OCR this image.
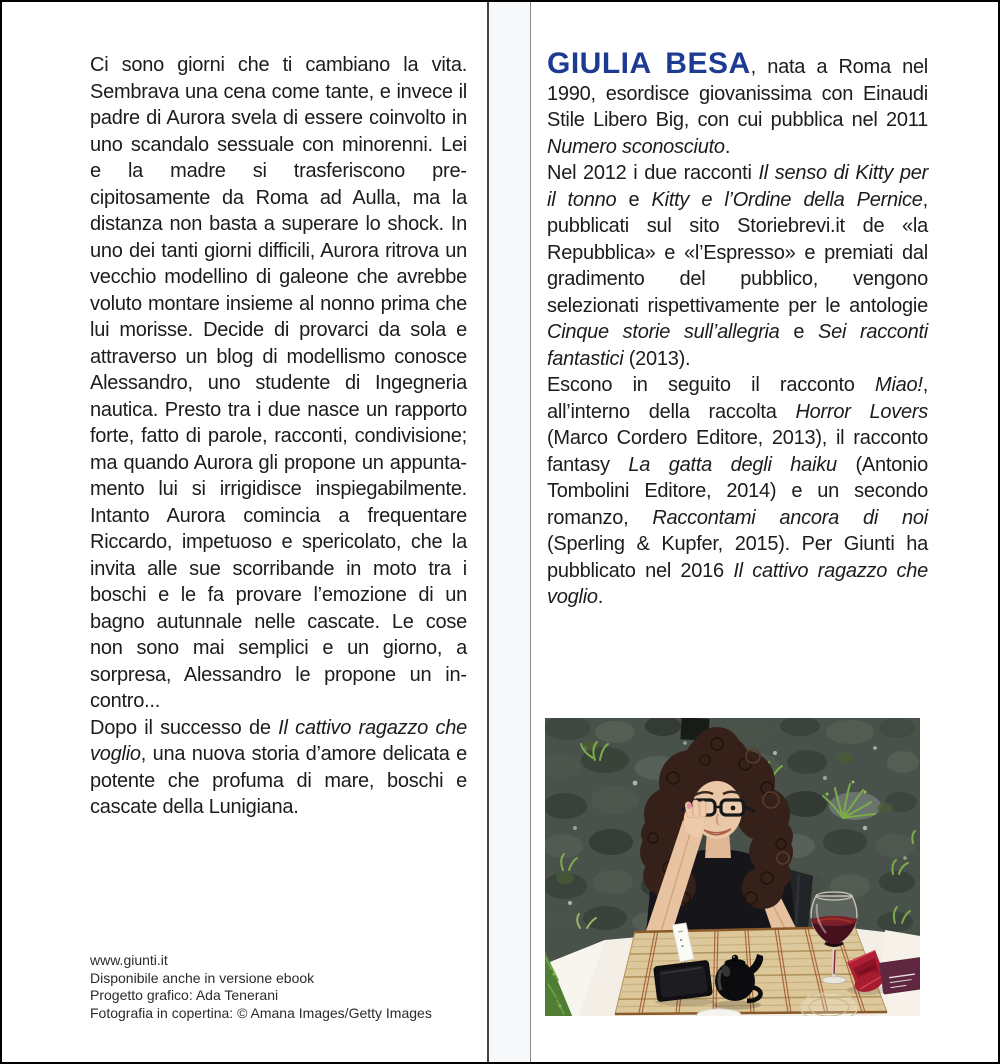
Ci sono giorni che ti cambiano la vita. Sembrava una cena come tante, e invece il padre di Aurora svela di essere coinvolto in uno scandalo sessuale con minorenni. Lei e la madre si trasferiscono precipitosamente da Roma ad Aulla, ma la distanza non basta a superare lo shock. In uno dei tanti giorni difficili, Aurora ritrova un vecchio modellino di galeone che avrebbe voluto montare insieme al nonno prima che lui morisse. Decide di provarci da sola e attraverso un blog di modellismo conosce Alessandro, uno studente di Ingegneria nautica. Presto tra i due nasce un rapporto forte, fatto di parole, racconti, condivisione; ma quando Aurora gli propone un appuntamento lui si irrigidisce inspiegabilmente. Intanto Aurora comincia a frequentare Riccardo, impetuoso e spericolato, che la invita alle sue scorribande in moto tra i boschi e le fa provare l’emozione di un bagno autunnale nelle cascate. Le cose non sono mai semplici e un giorno, a sorpresa, Alessandro le propone un incontro...

Dopo il successo de Il cattivo ragazzo che voglio, una nuova storia d’amore delicata e potente che profuma di mare, boschi e cascate della Lunigiana.

www.giunti.it
Disponibile anche in versione ebook
Progetto grafico: Ada Tenerani
Fotografia in copertina: © Amana Images/Getty Images

GIULIA BESA, nata a Roma nel 1990, esordisce giovanissima con Einaudi Stile Libero Big, con cui pubblica nel 2011 Numero sconosciuto.

Nel 2012 i due racconti Il senso di Kitty per il tonno e Kitty e l’Ordine della Pernice, pubblicati sul sito Storiebrevi.it de «la Repubblica» e «l’Espresso» e premiati dal gradimento del pubblico, vengono selezionati rispettivamente per le antologie Cinque storie sull’allegria e Sei racconti fantastici (2013).

Escono in seguito il racconto Miao!, all’interno della raccolta Horror Lovers (Marco Cordero Editore, 2013), il racconto fantasy La gatta degli haiku (Antonio Tombolini Editore, 2014) e un secondo romanzo, Raccontami ancora di noi (Sperling & Kupfer, 2015). Per Giunti ha pubblicato nel 2016 Il cattivo ragazzo che voglio.
